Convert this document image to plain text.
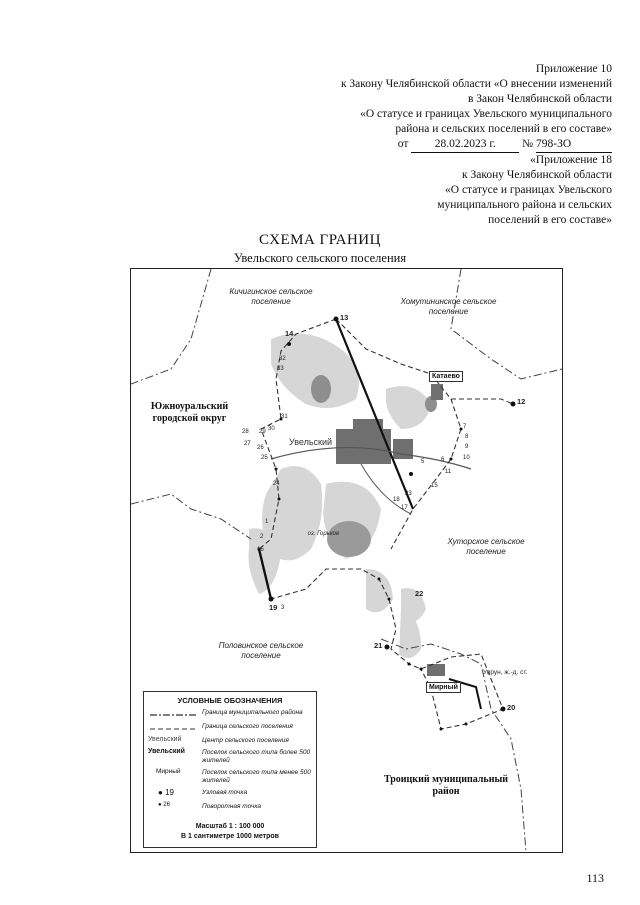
Приложение 10
к Закону Челябинской области «О внесении изменений
в Закон Челябинской области
«О статусе и границах Увельского муниципального
района и сельских поселений в его составе»
от 28.02.2023 г. № 798-ЗО
«Приложение 18
к Закону Челябинской области
«О статусе и границах Увельского
муниципального района и сельских
поселений в его составе»
СХЕМА ГРАНИЦ
Увельского сельского поселения
Кичигинское сельское поселение	Хомутининское сельское поселение
Хуторское сельское поселение
Половинское сельское поселение
Южноуральский городской округ
Троицкий муниципальный район
Увельский
Катаево
Мирный
Упрун, ж.-д. ст.
оз. Горькое
13
14
12
22
19
21
20
32
33
31
30
29
28
27
26
25
24
23
18
17
16
15
11
10
9
8
7
6
5
3
2
1
УСЛОВНЫЕ ОБОЗНАЧЕНИЯ
Граница муниципального района
Граница сельского поселения
Увельский	Центр сельского поселения
Увельский	Поселок сельского типа более 500 жителей
Мирный	Поселок сельского типа менее 500 жителей
● 19	Узловая точка
● 26	Поворотная точка
Масштаб 1 : 100 000
В 1 сантиметре 1000 метров
113
